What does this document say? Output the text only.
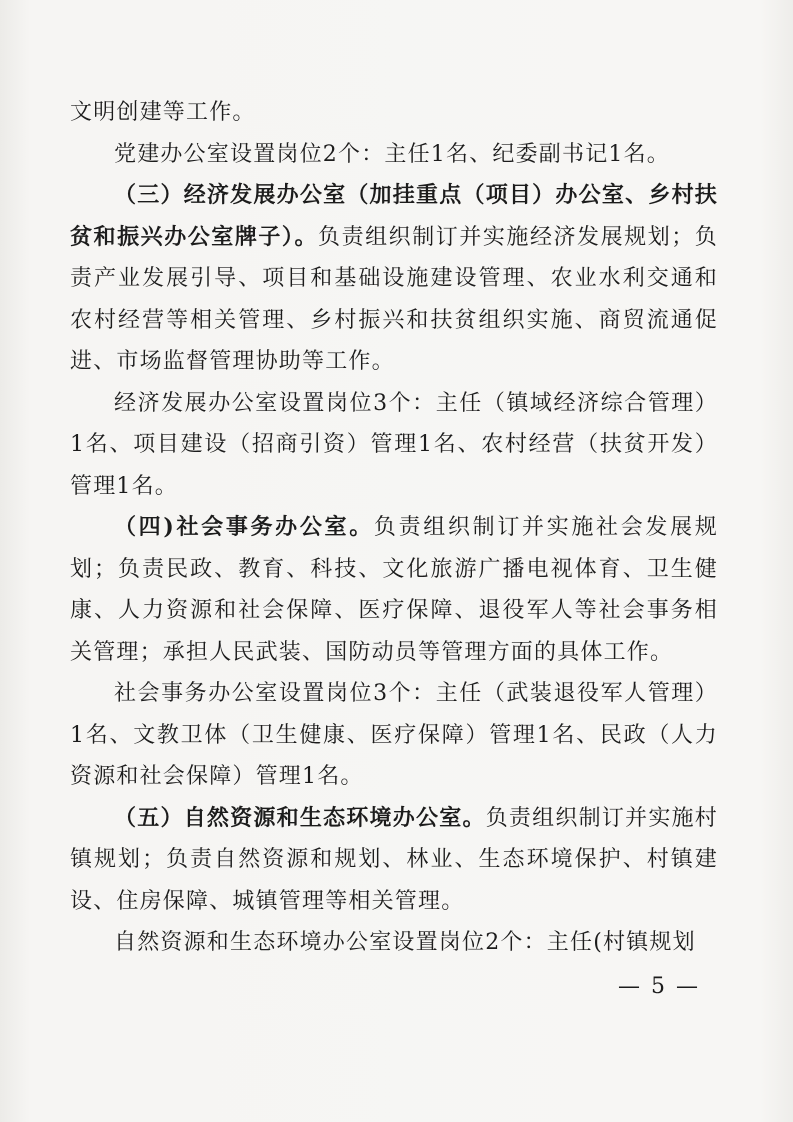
文明创建等工作。

党建办公室设置岗位2个：主任1名、纪委副书记1名。

（三）经济发展办公室（加挂重点（项目）办公室、乡村扶贫和振兴办公室牌子）。负责组织制订并实施经济发展规划；负责产业发展引导、项目和基础设施建设管理、农业水利交通和农村经营等相关管理、乡村振兴和扶贫组织实施、商贸流通促进、市场监督管理协助等工作。

经济发展办公室设置岗位3个：主任（镇域经济综合管理）1名、项目建设（招商引资）管理1名、农村经营（扶贫开发）管理1名。

（四)社会事务办公室。负责组织制订并实施社会发展规划；负责民政、教育、科技、文化旅游广播电视体育、卫生健康、人力资源和社会保障、医疗保障、退役军人等社会事务相关管理；承担人民武装、国防动员等管理方面的具体工作。

社会事务办公室设置岗位3个：主任（武装退役军人管理）1名、文教卫体（卫生健康、医疗保障）管理1名、民政（人力资源和社会保障）管理1名。

（五）自然资源和生态环境办公室。负责组织制订并实施村镇规划；负责自然资源和规划、林业、生态环境保护、村镇建设、住房保障、城镇管理等相关管理。

自然资源和生态环境办公室设置岗位2个：主任(村镇规划

— 5 —
